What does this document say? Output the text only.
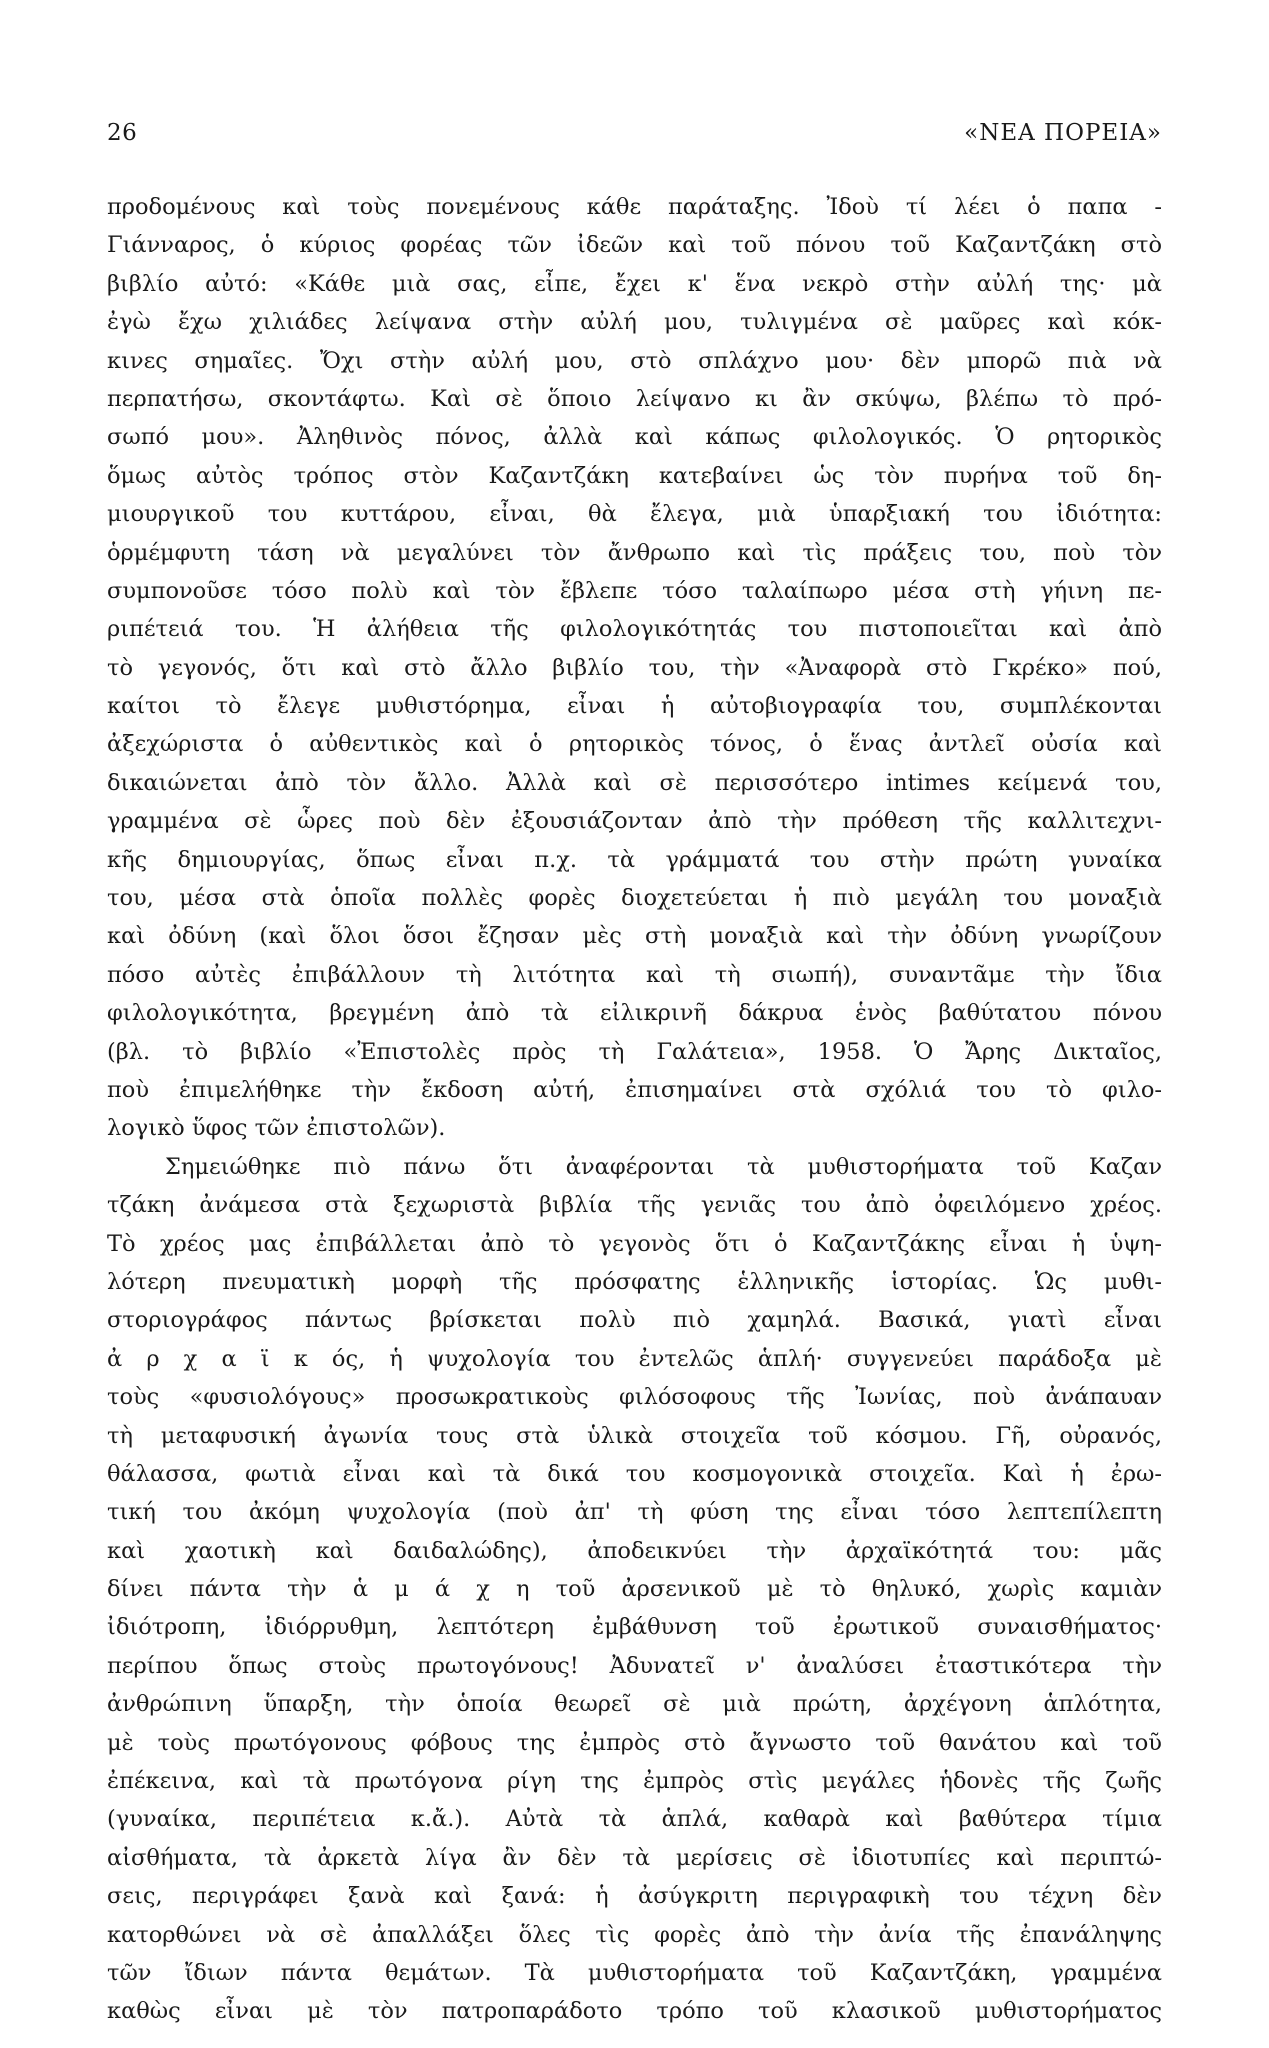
26	«ΝΕΑ ΠΟΡΕΙΑ»
προδομένους καὶ τοὺς πονεμένους κάθε παράταξης. Ἰδοὺ τί λέει ὁ παπα -
Γιάνναρος, ὁ κύριος φορέας τῶν ἰδεῶν καὶ τοῦ πόνου τοῦ Καζαντζάκη στὸ
βιβλίο αὐτό: «Κάθε μιὰ σας, εἶπε, ἔχει κ' ἕνα νεκρὸ στὴν αὐλή της· μὰ
ἐγὼ ἔχω χιλιάδες λείψανα στὴν αὐλή μου, τυλιγμένα σὲ μαῦρες καὶ κόκ-
κινες σημαῖες. Ὄχι στὴν αὐλή μου, στὸ σπλάχνο μου· δὲν μπορῶ πιὰ νὰ
περπατήσω, σκοντάφτω. Καὶ σὲ ὅποιο λείψανο κι ἂν σκύψω, βλέπω τὸ πρό-
σωπό μου». Ἀληθινὸς πόνος, ἀλλὰ καὶ κάπως φιλολογικός. Ὁ ρητορικὸς
ὅμως αὐτὸς τρόπος στὸν Καζαντζάκη κατεβαίνει ὡς τὸν πυρήνα τοῦ δη-
μιουργικοῦ του κυττάρου, εἶναι, θὰ ἔλεγα, μιὰ ὑπαρξιακή του ἰδιότητα:
ὁρμέμφυτη τάση νὰ μεγαλύνει τὸν ἄνθρωπο καὶ τὶς πράξεις του, ποὺ τὸν
συμπονοῦσε τόσο πολὺ καὶ τὸν ἔβλεπε τόσο ταλαίπωρο μέσα στὴ γήινη πε-
ριπέτειά του. Ἡ ἀλήθεια τῆς φιλολογικότητάς του πιστοποιεῖται καὶ ἀπὸ
τὸ γεγονός, ὅτι καὶ στὸ ἄλλο βιβλίο του, τὴν «Ἀναφορὰ στὸ Γκρέκο» πού,
καίτοι τὸ ἔλεγε μυθιστόρημα, εἶναι ἡ αὐτοβιογραφία του, συμπλέκονται
ἀξεχώριστα ὁ αὐθεντικὸς καὶ ὁ ρητορικὸς τόνος, ὁ ἕνας ἀντλεῖ οὐσία καὶ
δικαιώνεται ἀπὸ τὸν ἄλλο. Ἀλλὰ καὶ σὲ περισσότερο intimes κείμενά του,
γραμμένα σὲ ὧρες ποὺ δὲν ἐξουσιάζονταν ἀπὸ τὴν πρόθεση τῆς καλλιτεχνι-
κῆς δημιουργίας, ὅπως εἶναι π.χ. τὰ γράμματά του στὴν πρώτη γυναίκα
του, μέσα στὰ ὁποῖα πολλὲς φορὲς διοχετεύεται ἡ πιὸ μεγάλη του μοναξιὰ
καὶ ὀδύνη (καὶ ὅλοι ὅσοι ἔζησαν μὲς στὴ μοναξιὰ καὶ τὴν ὀδύνη γνωρίζουν
πόσο αὐτὲς ἐπιβάλλουν τὴ λιτότητα καὶ τὴ σιωπή), συναντᾶμε τὴν ἴδια
φιλολογικότητα, βρεγμένη ἀπὸ τὰ εἰλικρινῆ δάκρυα ἑνὸς βαθύτατου πόνου
(βλ. τὸ βιβλίο «Ἐπιστολὲς πρὸς τὴ Γαλάτεια», 1958. Ὁ Ἄρης Δικταῖος,
ποὺ ἐπιμελήθηκε τὴν ἔκδοση αὐτή, ἐπισημαίνει στὰ σχόλιά του τὸ φιλο-
λογικὸ ὕφος τῶν ἐπιστολῶν).
Σημειώθηκε πιὸ πάνω ὅτι ἀναφέρονται τὰ μυθιστορήματα τοῦ Καζαν
τζάκη ἀνάμεσα στὰ ξεχωριστὰ βιβλία τῆς γενιᾶς του ἀπὸ ὀφειλόμενο χρέος.
Τὸ χρέος μας ἐπιβάλλεται ἀπὸ τὸ γεγονὸς ὅτι ὁ Καζαντζάκης εἶναι ἡ ὑψη-
λότερη πνευματικὴ μορφὴ τῆς πρόσφατης ἑλληνικῆς ἱστορίας. Ὡς μυθι-
στοριογράφος πάντως βρίσκεται πολὺ πιὸ χαμηλά. Βασικά, γιατὶ εἶναι
ἀ ρ χ α ϊ κ ός, ἡ ψυχολογία του ἐντελῶς ἁπλή· συγγενεύει παράδοξα μὲ
τοὺς «φυσιολόγους» προσωκρατικοὺς φιλόσοφους τῆς Ἰωνίας, ποὺ ἀνάπαυαν
τὴ μεταφυσική ἀγωνία τους στὰ ὑλικὰ στοιχεῖα τοῦ κόσμου. Γῆ, οὐρανός,
θάλασσα, φωτιὰ εἶναι καὶ τὰ δικά του κοσμογονικὰ στοιχεῖα. Καὶ ἡ ἐρω-
τική του ἀκόμη ψυχολογία (ποὺ ἀπ' τὴ φύση της εἶναι τόσο λεπτεπίλεπτη
καὶ χαοτικὴ καὶ δαιδαλώδης), ἀποδεικνύει τὴν ἀρχαϊκότητά του: μᾶς
δίνει πάντα τὴν ἁ μ ά χ η τοῦ ἀρσενικοῦ μὲ τὸ θηλυκό, χωρὶς καμιὰν
ἰδιότροπη, ἰδιόρρυθμη, λεπτότερη ἐμβάθυνση τοῦ ἐρωτικοῦ συναισθήματος·
περίπου ὅπως στοὺς πρωτογόνους! Ἀδυνατεῖ ν' ἀναλύσει ἐταστικότερα τὴν
ἀνθρώπινη ὕπαρξη, τὴν ὁποία θεωρεῖ σὲ μιὰ πρώτη, ἀρχέγονη ἁπλότητα,
μὲ τοὺς πρωτόγονους φόβους της ἐμπρὸς στὸ ἄγνωστο τοῦ θανάτου καὶ τοῦ
ἐπέκεινα, καὶ τὰ πρωτόγονα ρίγη της ἐμπρὸς στὶς μεγάλες ἡδονὲς τῆς ζωῆς
(γυναίκα, περιπέτεια κ.ἄ.). Αὐτὰ τὰ ἁπλά, καθαρὰ καὶ βαθύτερα τίμια
αἰσθήματα, τὰ ἀρκετὰ λίγα ἂν δὲν τὰ μερίσεις σὲ ἰδιοτυπίες καὶ περιπτώ-
σεις, περιγράφει ξανὰ καὶ ξανά: ἡ ἀσύγκριτη περιγραφικὴ του τέχνη δὲν
κατορθώνει νὰ σὲ ἀπαλλάξει ὅλες τὶς φορὲς ἀπὸ τὴν ἀνία τῆς ἐπανάληψης
τῶν ἴδιων πάντα θεμάτων. Τὰ μυθιστορήματα τοῦ Καζαντζάκη, γραμμένα
καθὼς εἶναι μὲ τὸν πατροπαράδοτο τρόπο τοῦ κλασικοῦ μυθιστορήματος
